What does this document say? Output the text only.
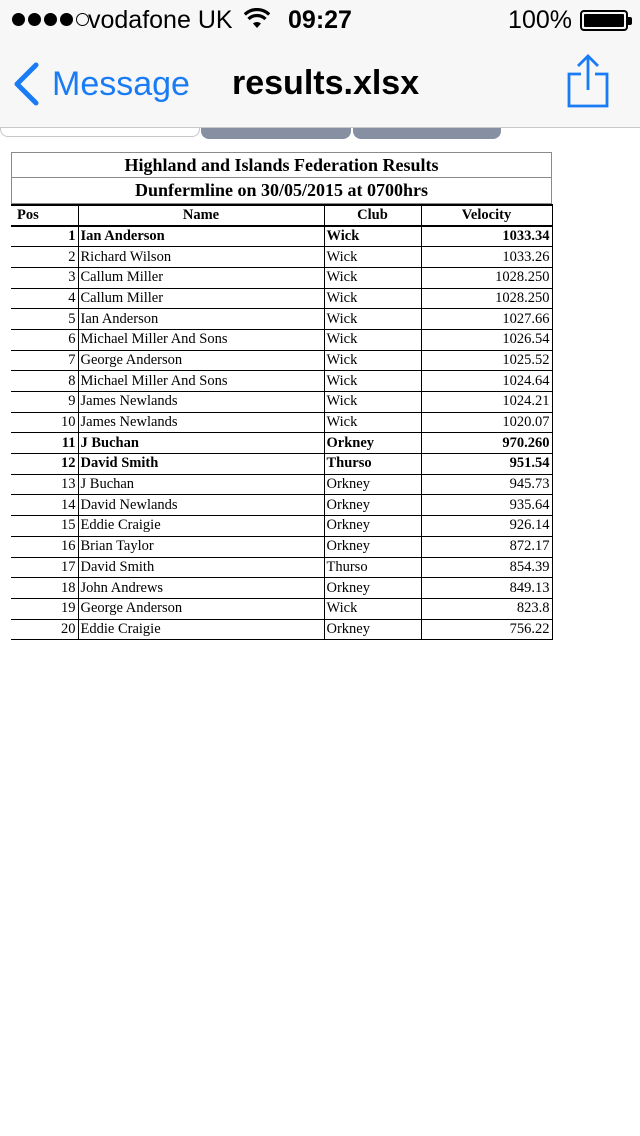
vodafone UK	09:27	100%
Message results.xlsx
Highland and Islands Federation Results
Dunfermline on 30/05/2015 at 0700hrs
Pos	Name	Club	Velocity
1	Ian Anderson	Wick	1033.34
2	Richard Wilson	Wick	1033.26
3	Callum Miller	Wick	1028.250
4	Callum Miller	Wick	1028.250
5	Ian Anderson	Wick	1027.66
6	Michael Miller And Sons	Wick	1026.54
7	George Anderson	Wick	1025.52
8	Michael Miller And Sons	Wick	1024.64
9	James Newlands	Wick	1024.21
10	James Newlands	Wick	1020.07
11	J Buchan	Orkney	970.260
12	David Smith	Thurso	951.54
13	J Buchan	Orkney	945.73
14	David Newlands	Orkney	935.64
15	Eddie Craigie	Orkney	926.14
16	Brian Taylor	Orkney	872.17
17	David Smith	Thurso	854.39
18	John Andrews	Orkney	849.13
19	George Anderson	Wick	823.8
20	Eddie Craigie	Orkney	756.22
